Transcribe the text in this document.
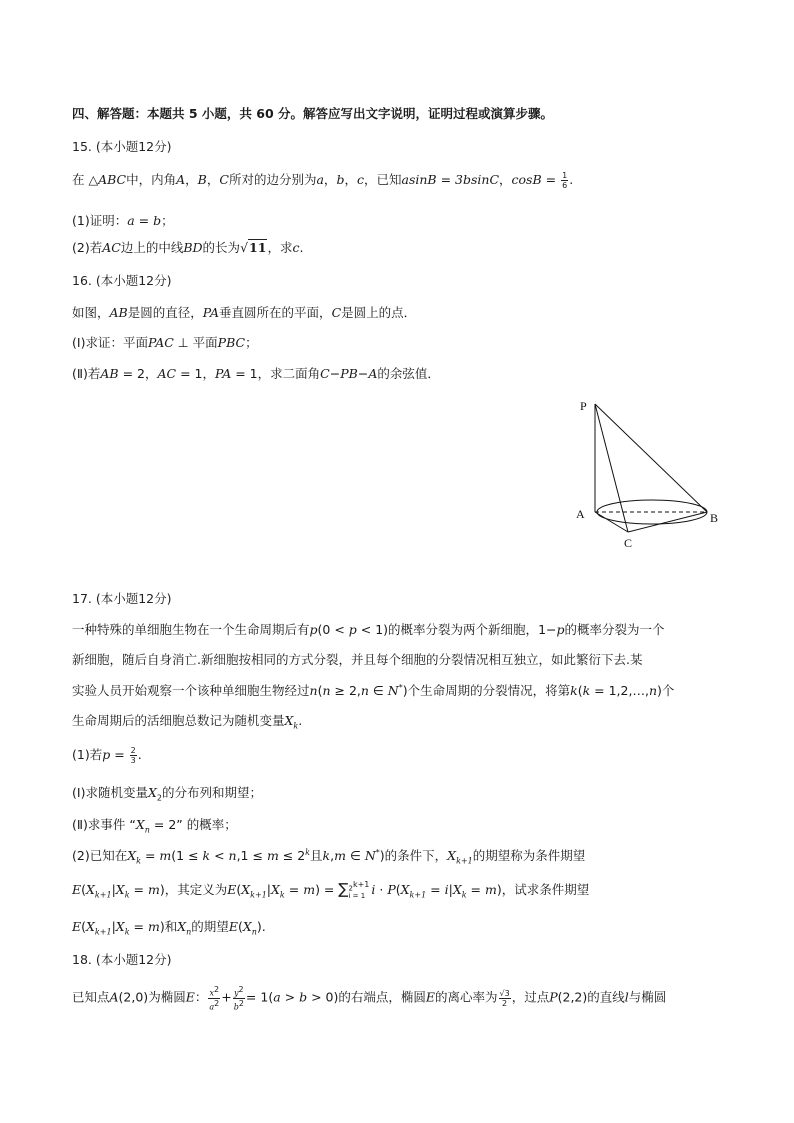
四、解答题：本题共 5 小题，共 60 分。解答应写出文字说明，证明过程或演算步骤。
15. (本小题12分)
在 △ABC中，内角A，B，C所对的边分别为a，b，c，已知asinB = 3bsinC，$\cos B = \frac{1}{6}$ .
(1)证明：a = b；
(2)若AC边上的中线BD的长为√11，求c.
16. (本小题12分)
如图，AB是圆的直径，PA垂直圆所在的平面，C是圆上的点．
(Ⅰ)求证：平面PAC ⊥ 平面PBC；
(Ⅱ)若AB = 2，AC = 1，PA = 1，求二面角C−PB−A的余弦值．
P
A	B
C
17. (本小题12分)
一种特殊的单细胞生物在一个生命周期后有p(0 < p < 1)的概率分裂为两个新细胞，1−p的概率分裂为一个
新细胞，随后自身消亡.新细胞按相同的方式分裂，并且每个细胞的分裂情况相互独立，如此繁衍下去.某
实验人员开始观察一个该种单细胞生物经过n(n ≥ 2,n ∈ N*)个生命周期的分裂情况，将第k(k = 1,2,…,n)个
生命周期后的活细胞总数记为随机变量$X_k$.
(1)若$p = \frac{2}{3}$ .
(Ⅰ)求随机变量$X_2$的分布列和期望；
(Ⅱ)求事件 “$X_n = 2$” 的概率；
(2)已知在$X_k = m(1 \le k < n,1 \le m \le 2^k$且k,m ∈ N*)的条件下，$X_{k+1}$的期望称为条件期望
$E(X_{k+1}|X_k = m)$，其定义为$E(X_{k+1}|X_k = m)$ = ∑ $2^{k+1}$
i = 1 $i \cdot P(X_{k+1} = i|X_k = m)$，试求条件期望
$E(X_{k+1}|X_k = m)$和$X_n$的期望$E(X_n)$.
18. (本小题12分)
已知点A(2,0)为椭圆E： $\frac{x^2}{a^2} + \frac{y^2}{b^2} = 1(a > b > 0)$的右端点，椭圆E的离心率为 $\frac{√3}{2}$ ，过点P(2,2)的直线l与椭圆
